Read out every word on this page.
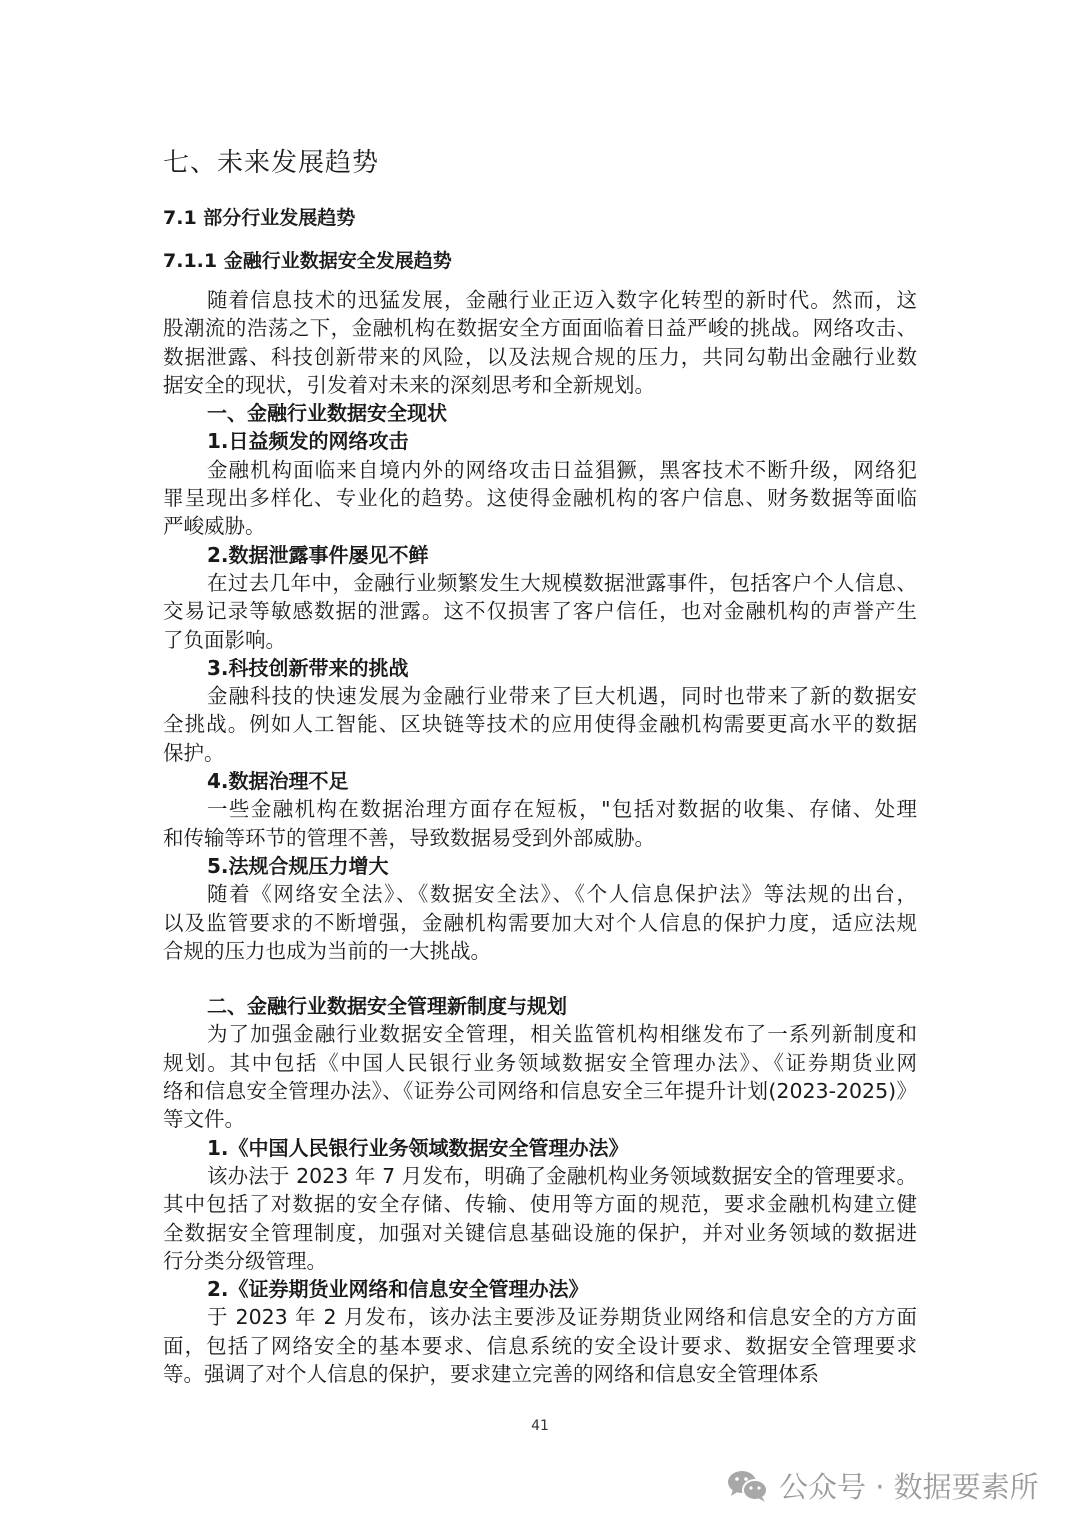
七、未来发展趋势
7.1 部分行业发展趋势
7.1.1 金融行业数据安全发展趋势
随着信息技术的迅猛发展，金融行业正迈入数字化转型的新时代。然而，这
股潮流的浩荡之下，金融机构在数据安全方面面临着日益严峻的挑战。网络攻击、
数据泄露、科技创新带来的风险，以及法规合规的压力，共同勾勒出金融行业数
据安全的现状，引发着对未来的深刻思考和全新规划。
一、金融行业数据安全现状
1.日益频发的网络攻击
金融机构面临来自境内外的网络攻击日益猖獗，黑客技术不断升级，网络犯
罪呈现出多样化、专业化的趋势。这使得金融机构的客户信息、财务数据等面临
严峻威胁。
2.数据泄露事件屡见不鲜
在过去几年中，金融行业频繁发生大规模数据泄露事件，包括客户个人信息、
交易记录等敏感数据的泄露。这不仅损害了客户信任，也对金融机构的声誉产生
了负面影响。
3.科技创新带来的挑战
金融科技的快速发展为金融行业带来了巨大机遇，同时也带来了新的数据安
全挑战。例如人工智能、区块链等技术的应用使得金融机构需要更高水平的数据
保护。
4.数据治理不足
一些金融机构在数据治理方面存在短板，"包括对数据的收集、存储、处理
和传输等环节的管理不善，导致数据易受到外部威胁。
5.法规合规压力增大
随着《网络安全法》、《数据安全法》、《个人信息保护法》等法规的出台，
以及监管要求的不断增强，金融机构需要加大对个人信息的保护力度，适应法规
合规的压力也成为当前的一大挑战。
二、金融行业数据安全管理新制度与规划
为了加强金融行业数据安全管理，相关监管机构相继发布了一系列新制度和
规划。其中包括《中国人民银行业务领域数据安全管理办法》、《证券期货业网
络和信息安全管理办法》、《证券公司网络和信息安全三年提升计划(2023-2025)》
等文件。
1.《中国人民银行业务领域数据安全管理办法》
该办法于 2023 年 7 月发布，明确了金融机构业务领域数据安全的管理要求。
其中包括了对数据的安全存储、传输、使用等方面的规范，要求金融机构建立健
全数据安全管理制度，加强对关键信息基础设施的保护，并对业务领域的数据进
行分类分级管理。
2.《证券期货业网络和信息安全管理办法》
于 2023 年 2 月发布，该办法主要涉及证券期货业网络和信息安全的方方面
面，包括了网络安全的基本要求、信息系统的安全设计要求、数据安全管理要求
等。强调了对个人信息的保护，要求建立完善的网络和信息安全管理体系
41
公众号 · 数据要素所
